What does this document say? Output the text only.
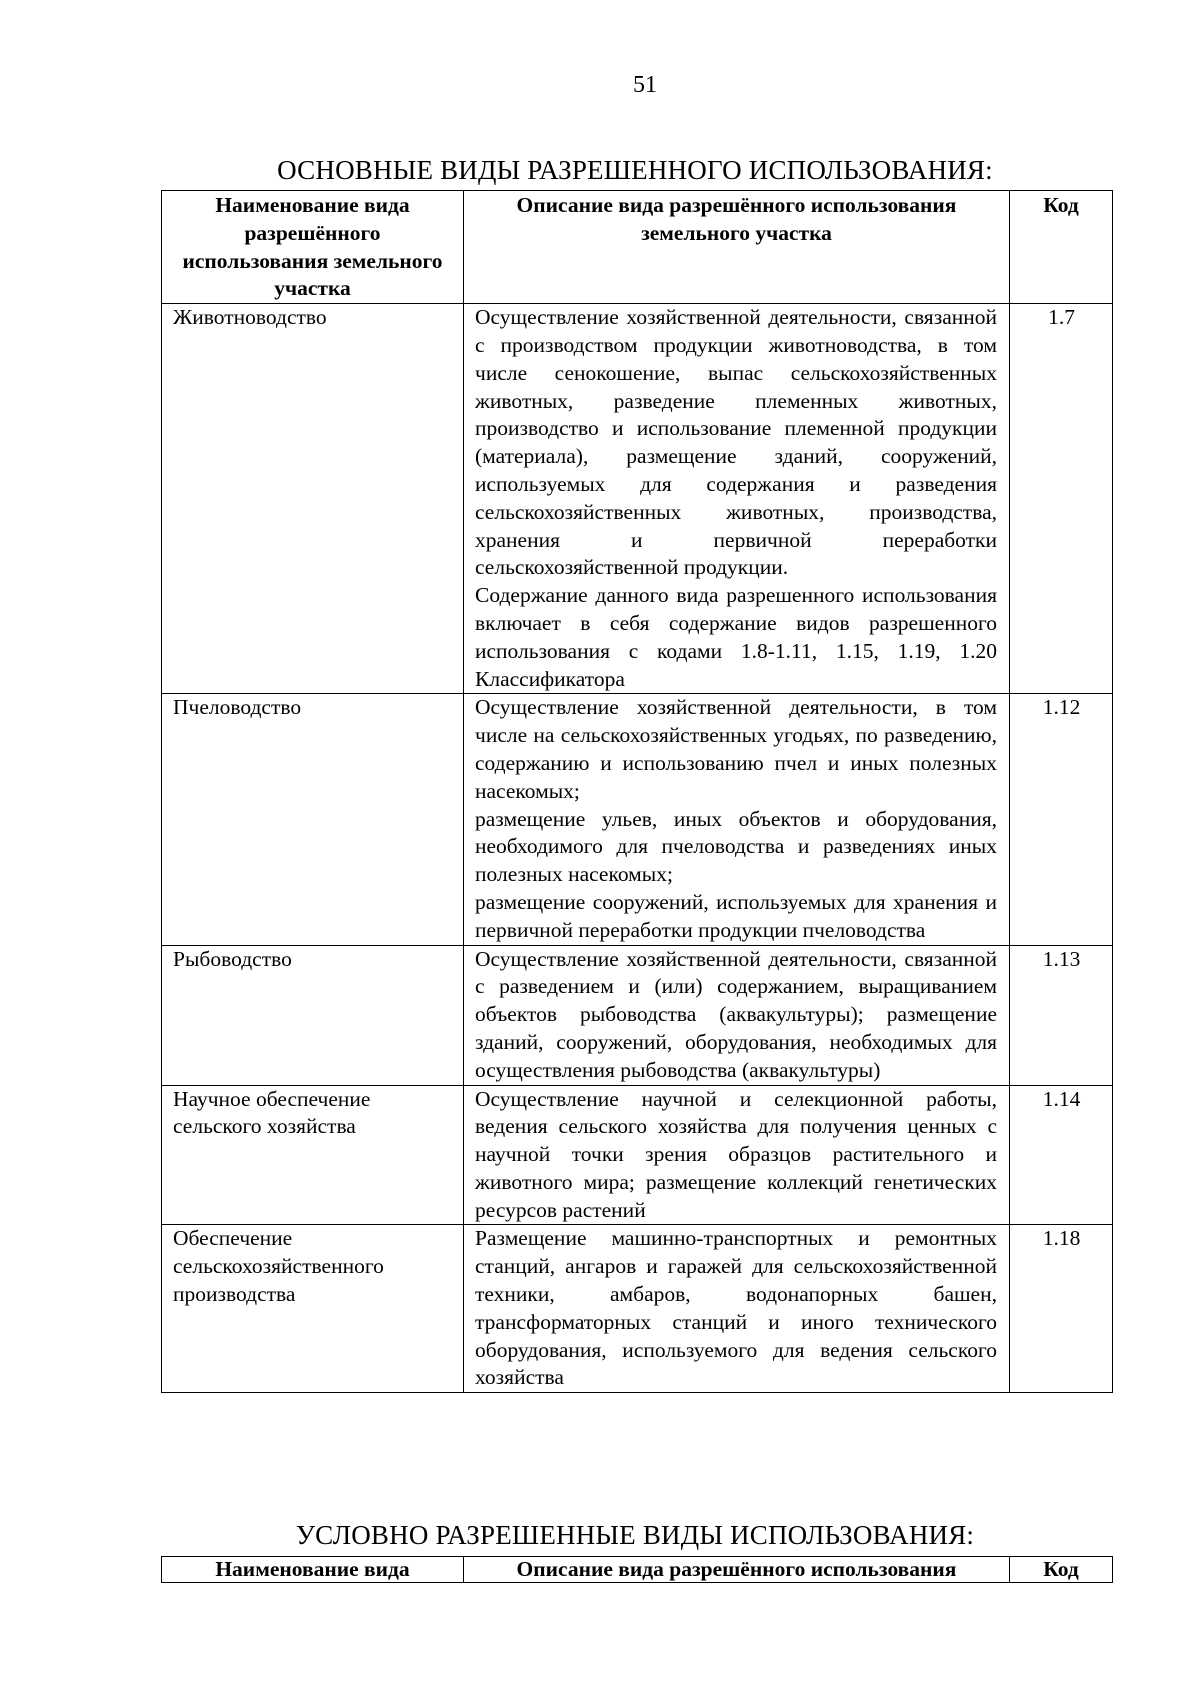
51
ОСНОВНЫЕ ВИДЫ РАЗРЕШЕННОГО ИСПОЛЬЗОВАНИЯ:
Наименование вида разрешённого использования земельного участка	Описание вида разрешённого использования земельного участка	Код
Животноводство	Осуществление хозяйственной деятельности, связанной с производством продукции животноводства, в том числе сенокошение, выпас сельскохозяйственных животных, разведение племенных животных, производство и использование племенной продукции (материала), размещение зданий, сооружений, используемых для содержания и разведения сельскохозяйственных животных, производства, хранения и первичной переработки сельскохозяйственной продукции.
Содержание данного вида разрешенного использования включает в себя содержание видов разрешенного использования с кодами 1.8-1.11, 1.15, 1.19, 1.20 Классификатора	1.7
Пчеловодство	Осуществление хозяйственной деятельности, в том числе на сельскохозяйственных угодьях, по разведению, содержанию и использованию пчел и иных полезных насекомых;
размещение ульев, иных объектов и оборудования, необходимого для пчеловодства и разведениях иных полезных насекомых;
размещение сооружений, используемых для хранения и первичной переработки продукции пчеловодства	1.12
Рыбоводство	Осуществление хозяйственной деятельности, связанной с разведением и (или) содержанием, выращиванием объектов рыбоводства (аквакультуры); размещение зданий, сооружений, оборудования, необходимых для осуществления рыбоводства (аквакультуры)	1.13
Научное обеспечение сельского хозяйства	Осуществление научной и селекционной работы, ведения сельского хозяйства для получения ценных с научной точки зрения образцов растительного и животного мира; размещение коллекций генетических ресурсов растений	1.14
Обеспечение сельскохозяйственного производства	Размещение машинно-транспортных и ремонтных станций, ангаров и гаражей для сельскохозяйственной техники, амбаров, водонапорных башен, трансформаторных станций и иного технического оборудования, используемого для ведения сельского хозяйства	1.18
УСЛОВНО РАЗРЕШЕННЫЕ ВИДЫ ИСПОЛЬЗОВАНИЯ:
Наименование вида	Описание вида разрешённого использования	Код
